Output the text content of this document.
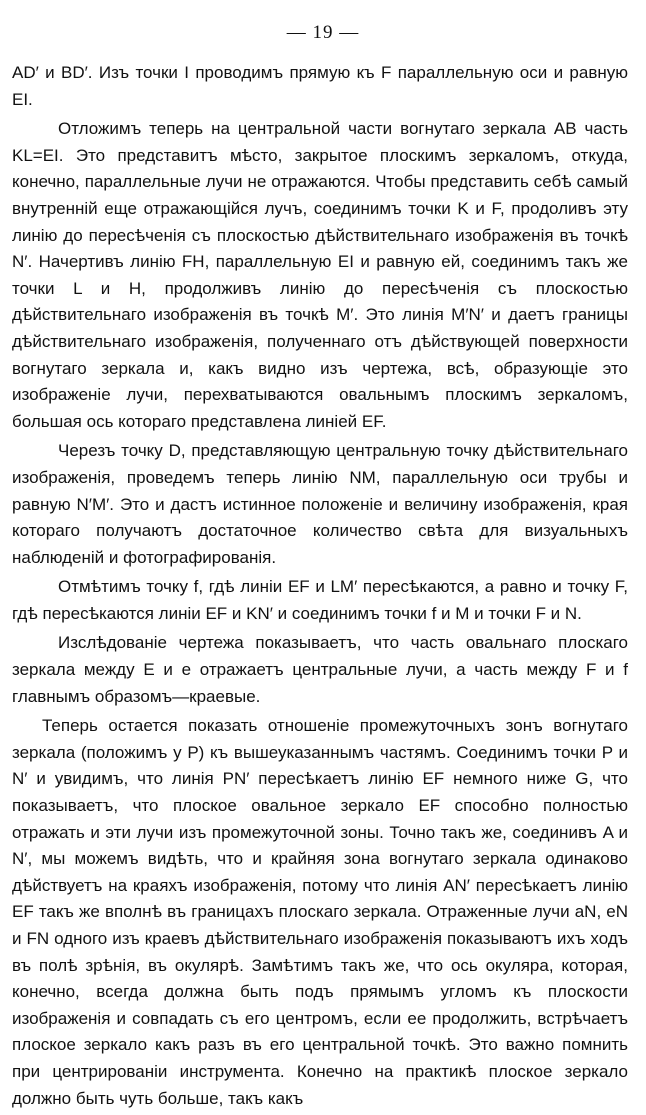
— 19 —

AD′ и BD′. Изъ точки I проводимъ прямую къ F параллельную оси и равную EI.

Отложимъ теперь на центральной части вогнутаго зеркала AB часть KL=EI. Это представитъ мѣсто, закрытое плоскимъ зеркаломъ, откуда, конечно, параллельные лучи не отражаются. Чтобы представить себѣ самый внутренній еще отражающійся лучъ, соединимъ точки K и F, продоливъ эту линію до пересѣченія съ плоскостью дѣйствительнаго изображенія въ точкѣ N′. Начертивъ линію FH, параллельную EI и равную ей, соединимъ такъ же точки L и H, продолживъ линію до пересѣченія съ плоскостью дѣйствительнаго изображенія въ точкѣ M′. Это линія M′N′ и даетъ границы дѣйствительнаго изображенія, полученнаго отъ дѣйствующей поверхности вогнутаго зеркала и, какъ видно изъ чертежа, всѣ, образующіе это изображеніе лучи, перехватываются овальнымъ плоскимъ зеркаломъ, большая ось котораго представлена линіей EF.

Черезъ точку D, представляющую центральную точку дѣйствительнаго изображенія, проведемъ теперь линію NM, параллельную оси трубы и равную N′M′. Это и дастъ истинное положеніе и величину изображенія, края котораго получаютъ достаточное количество свѣта для визуальныхъ наблюденій и фотографированія.

Отмѣтимъ точку f, гдѣ линіи EF и LM′ пересѣкаются, а равно и точку F, гдѣ пересѣкаются линіи EF и KN′ и соединимъ точки f и M и точки F и N.

Изслѣдованіе чертежа показываетъ, что часть овальнаго плоскаго зеркала между E и e отражаетъ центральные лучи, а часть между F и f главнымъ образомъ—краевые.

Теперь остается показать отношеніе промежуточныхъ зонъ вогнутаго зеркала (положимъ у P) къ вышеуказаннымъ частямъ. Соединимъ точки P и N′ и увидимъ, что линія PN′ пересѣкаетъ линію EF немного ниже G, что показываетъ, что плоское овальное зеркало EF способно полностью отражать и эти лучи изъ промежуточной зоны. Точно такъ же, соединивъ A и N′, мы можемъ видѣть, что и крайняя зона вогнутаго зеркала одинаково дѣйствуетъ на краяхъ изображенія, потому что линія AN′ пересѣкаетъ линію EF такъ же вполнѣ въ границахъ плоскаго зеркала. Отраженные лучи aN, eN и FN одного изъ краевъ дѣйствительнаго изображенія показываютъ ихъ ходъ въ полѣ зрѣнія, въ окулярѣ. Замѣтимъ такъ же, что ось окуляра, которая, конечно, всегда должна быть подъ прямымъ угломъ къ плоскости изображенія и совпадать съ его центромъ, если ее продолжить, встрѣчаетъ плоское зеркало какъ разъ въ его центральной точкѣ. Это важно помнить при центрированіи инструмента. Конечно на практикѣ плоское зеркало должно быть чуть больше, такъ какъ
